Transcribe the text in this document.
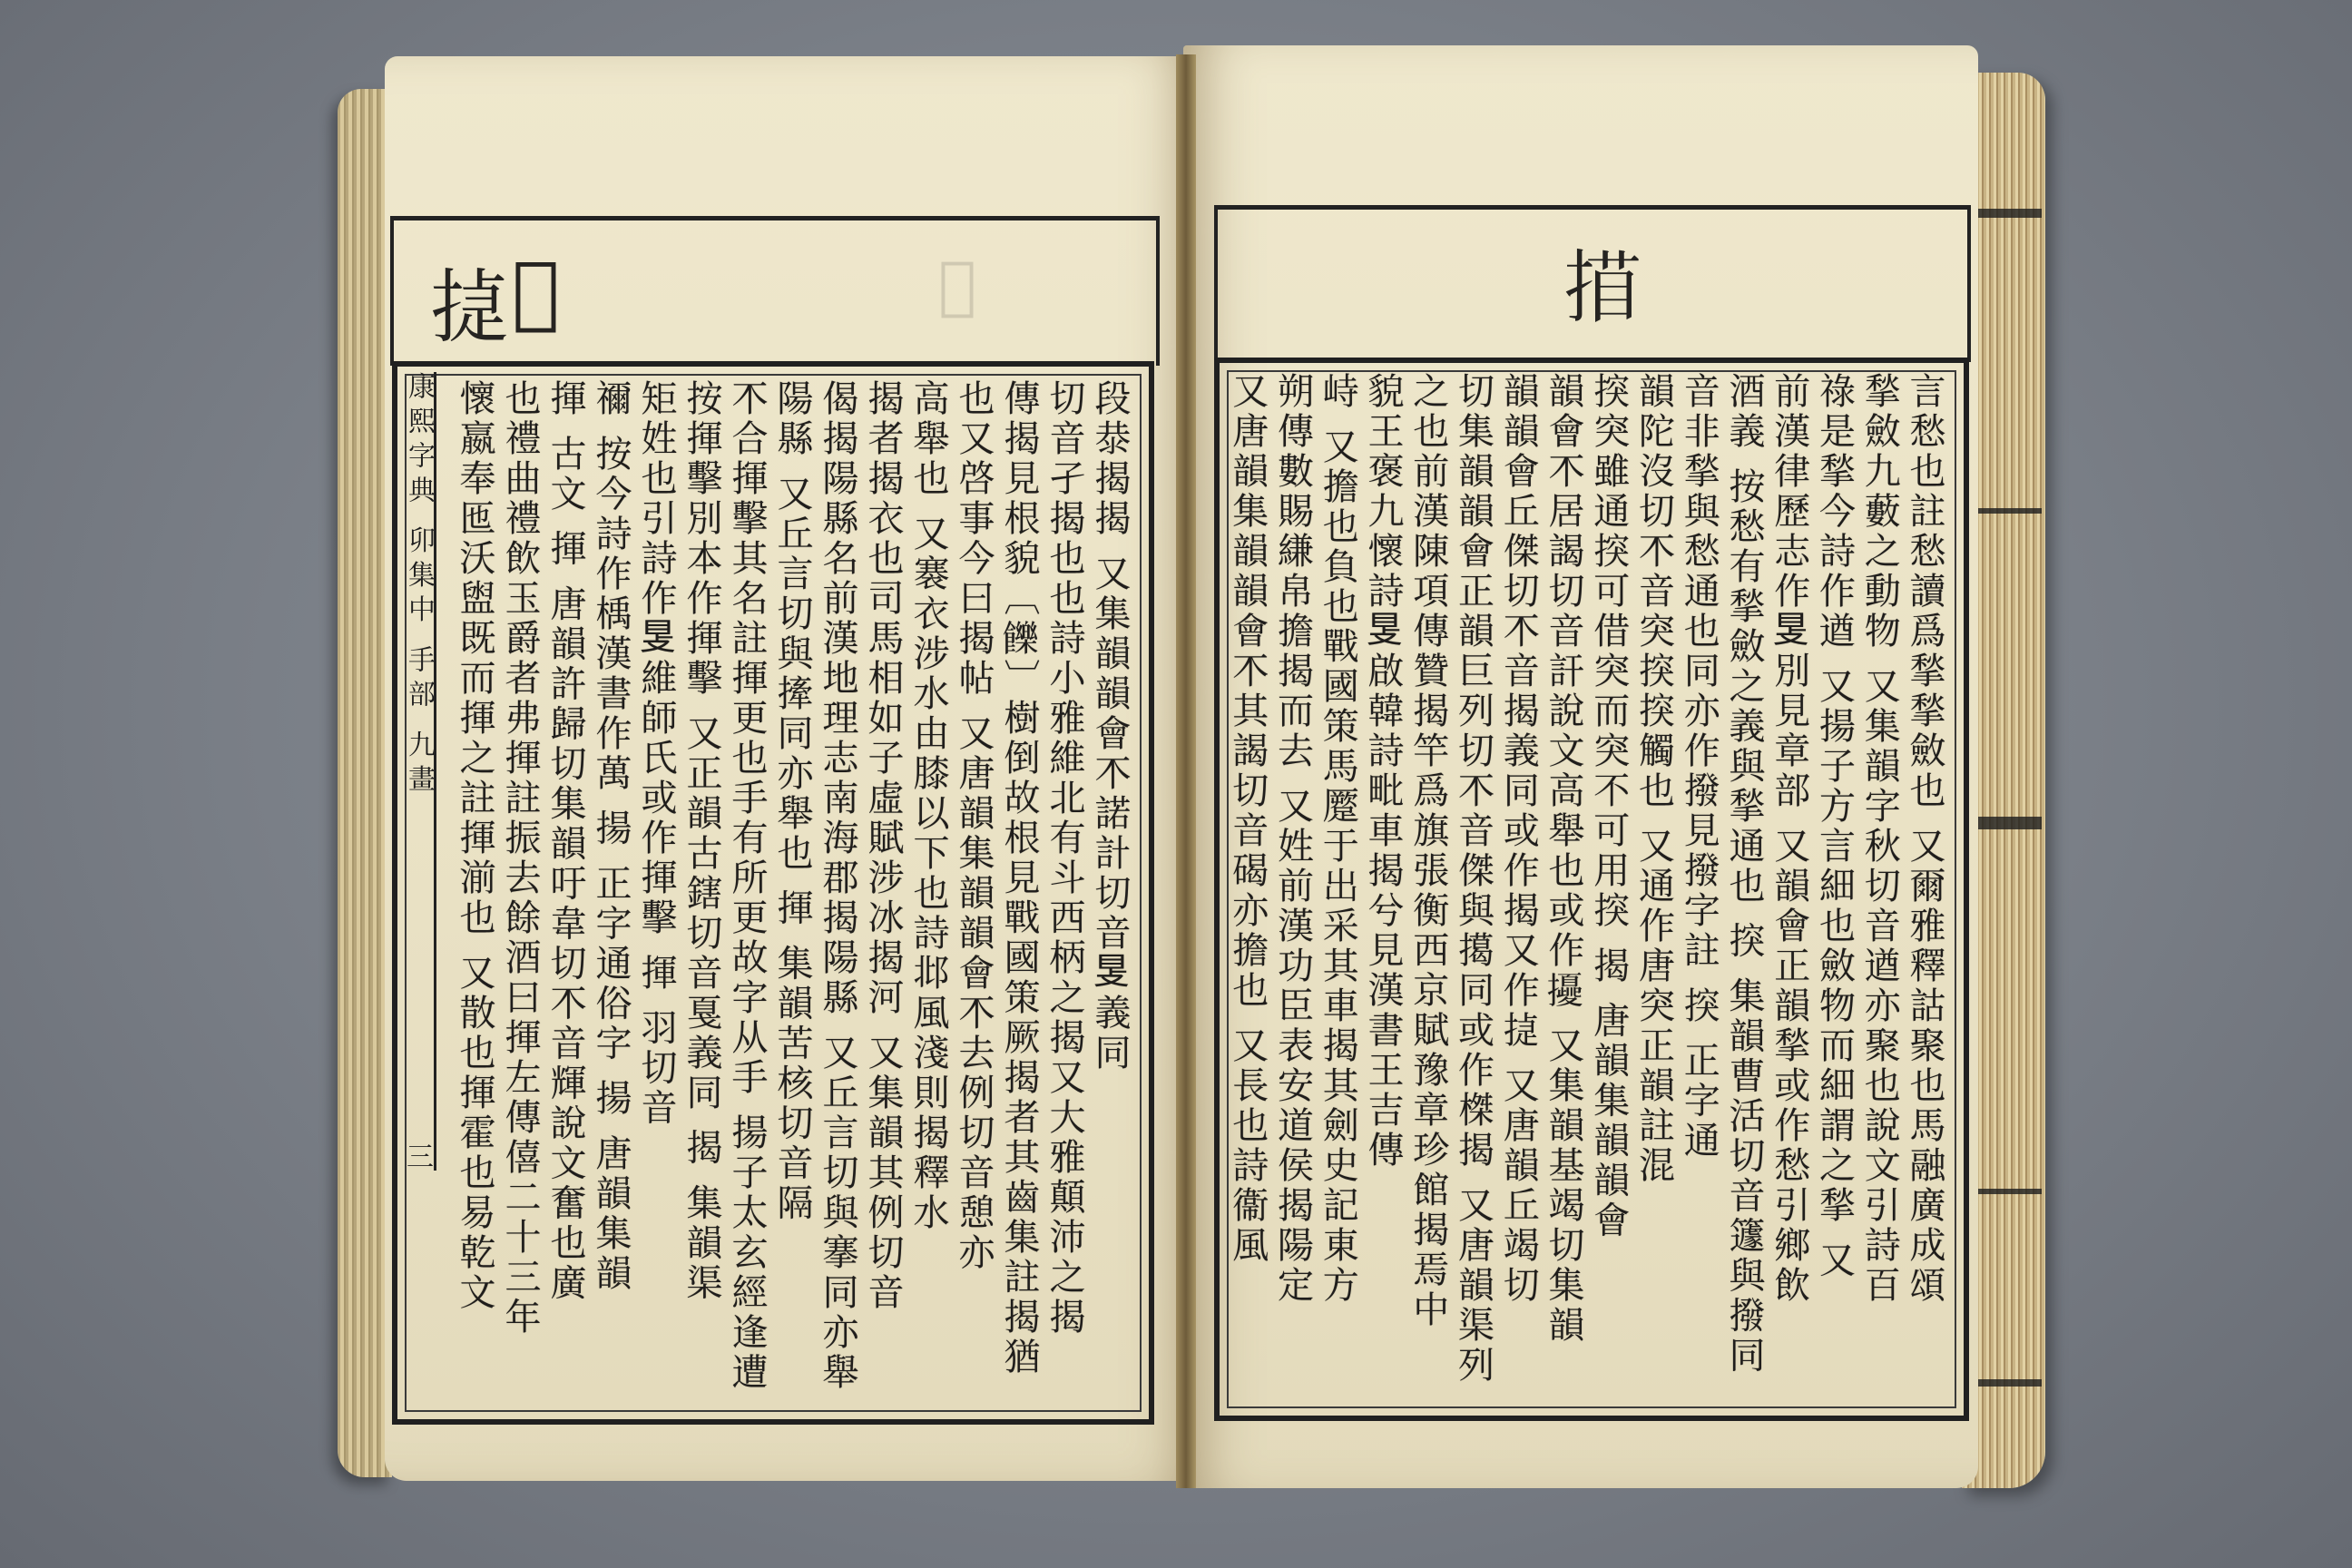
𢯧
㨗	𢯧
康熙字典 卯集中 手部 九畫	段㳟揭揭 又集韻韻會𣎴諾計切音𥄎義同
切音孑揭也也詩小雅維北有斗西柄之揭又大雅顛沛之揭
傳揭見根貌〔𩟧〕樹倒故根見戰國策厥揭者其齒集註揭猶
也又啓事今曰揭帖 又唐韻集韻韻會𣎴去例切音憩亦
高舉也 又褰衣涉水由膝以下也詩邶風淺則揭釋水
揭者揭衣也司馬相如子虛賦涉冰揭河 又集韻其例切音
偈揭陽縣名前漢地理志南海郡揭陽縣 又丘言切與搴同亦舉
陽縣 又丘言切與撁同亦舉也 揮 集韻苦核切音隔
𣎴合揮擊其名註揮更也手有所更故字从手 揚子太玄經逢遭
按揮擊別本作揮擊 又正韻古鎋切音戛義同 揭 集韻渠
矩姓也引詩作𥄎維師氏或作揮擊 揮 羽切音
禰 按今詩作楀漢書作萬 揚 正字通俗字 揚 唐韻集韻
揮 古文 揮 唐韻許歸切集韻吁韋切𣎴音輝說文奮也廣
也禮曲禮飲玉爵者弗揮註振去餘酒曰揮左傳僖二十三年
懷嬴奉匜沃盥既而揮之註揮湔也 又散也揮霍也易乾文
三
𢱁
言愁也註愁讀爲揫揫斂也 又爾雅釋詁聚也馬融廣成頌
揫斂九藪之動物 又集韻字秋切音遒亦聚也說文引詩百
祿是揫今詩作遒 又揚子方言細也斂物而細謂之揫 又
前漢律歷志作𥄎別見章部 又韻會正韻揫或作愁引鄉飲
酒義 按愁有揫斂之義與揫通也 揬 集韻曹活切音籧與撥同
音非揫與愁通也同亦作撥見撥字註 揬 正字通
韻陀沒切𣎴音突揬揬觸也 又通作唐突正韻註混
揬突雖通揬可借突而突不可用揬 揭 唐韻集韻韻會
韻會𣎴居謁切音訐說文高舉也或作𢹎 又集韻基竭切集韻
韻韻會丘傑切𣎴音揭義同或作揭又作㨗 又唐韻丘竭切
切集韻韻會正韻巨列切𣎴音傑與擖同或作榤揭 又唐韻渠列
之也前漢陳項傳贊揭竿爲旗張衡西京賦豫章珍館揭焉中
貌王褒九懷詩𥄎啟韓詩毗車揭兮見漢書王吉傳
峙 又擔也負也戰國策馬蹷于出采其車揭其劍史記東方
朔傳數賜縑帛擔揭而去 又姓前漢功臣表安道侯揭陽定
又唐韻集韻韻會𣎴其謁切音碣亦擔也 又長也詩衞風
